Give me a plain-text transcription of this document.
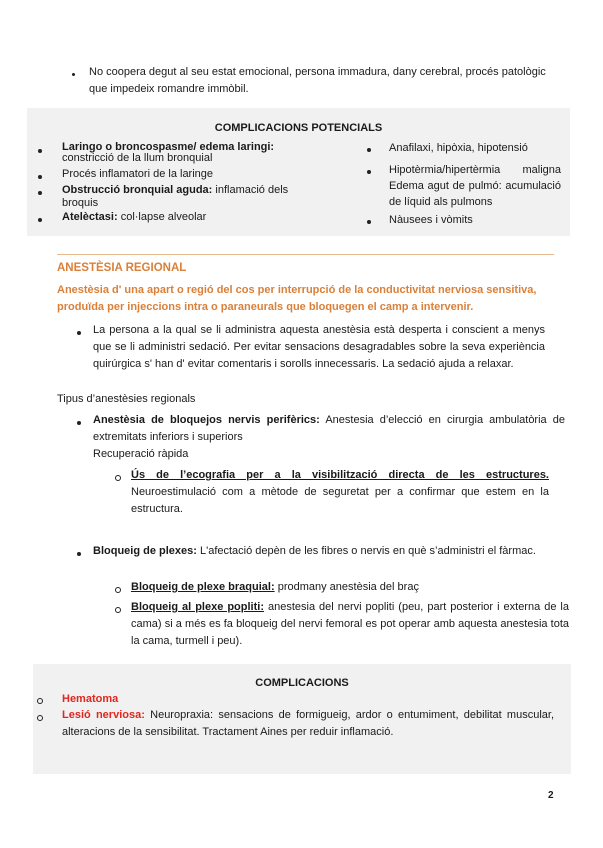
No coopera degut al seu estat emocional, persona immadura, dany cerebral, procés patològic que impedeix romandre immòbil.

COMPLICACIONS POTENCIALS

Laringo o broncospasme/ edema laringi: constricció de la llum bronquial

Procés inflamatori de la laringe

Obstrucció bronquial aguda: inflamació dels broquis

Atelèctasi: col·lapse alveolar

Anafilaxi, hipòxia, hipotensió

Hipotèrmia/hipertèrmia maligna Edema agut de pulmó: acumulació de líquid als pulmons

Nàusees i vòmits

ANESTÈSIA REGIONAL

Anestèsia d' una apart o regió del cos per interrupció de la conductivitat nerviosa sensitiva, produïda per injeccions intra o paraneurals que bloquegen el camp a intervenir.

La persona a la qual se li administra aquesta anestèsia està desperta i conscient a menys que se li administri sedació. Per evitar sensacions desagradables sobre la seva experiència quirúrgica s' han d' evitar comentaris i sorolls innecessaris. La sedació ajuda a relaxar.

Tipus d’anestèsies regionals

Anestèsia de bloquejos nervis perifèrics: Anestesia d’elecció en cirurgia ambulatòria de extremitats inferiors i superiors

Recuperació ràpida

Ús de l’ecografia per a la visibilització directa de les estructures. Neuroestimulació com a mètode de seguretat per a confirmar que estem en la estructura.

Bloqueig de plexes: L'afectació depèn de les fibres o nervis en què s’administri el fàrmac.

Bloqueig de plexe braquial: prodmany anestèsia del braç

Bloqueig al plexe popliti: anestesia del nervi popliti (peu, part posterior i externa de la cama) si a més es fa bloqueig del nervi femoral es pot operar amb aquesta anestesia tota la cama, turmell i peu).

COMPLICACIONS

Hematoma

Lesió nerviosa: Neuropraxia: sensacions de formigueig, ardor o entumiment, debilitat muscular, alteracions de la sensibilitat. Tractament Aines per reduir inflamació.

2
